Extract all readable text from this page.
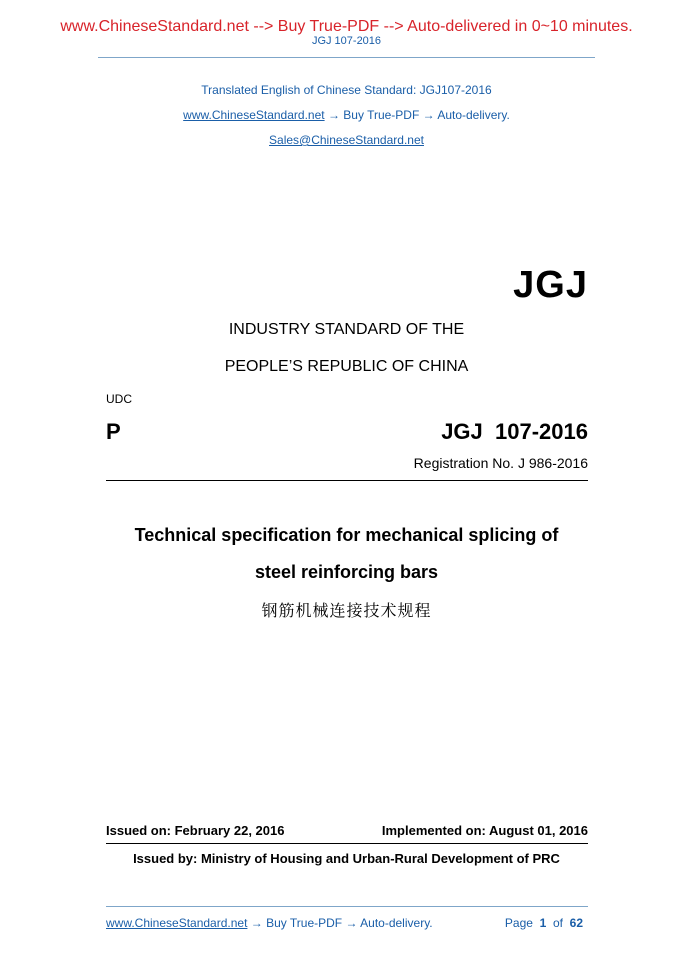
www.ChineseStandard.net --> Buy True-PDF --> Auto-delivered in 0~10 minutes.
JGJ 107-2016
Translated English of Chinese Standard: JGJ107-2016
www.ChineseStandard.net → Buy True-PDF → Auto-delivery.
Sales@ChineseStandard.net
JGJ
INDUSTRY STANDARD OF THE
PEOPLE’S REPUBLIC OF CHINA
UDC
P	JGJ 107-2016
Registration No. J 986-2016
Technical specification for mechanical splicing of
steel reinforcing bars
钢筋机械连接技术规程
Issued on: February 22, 2016	Implemented on: August 01, 2016
Issued by: Ministry of Housing and Urban-Rural Development of PRC
www.ChineseStandard.net → Buy True-PDF → Auto-delivery.	Page 1 of 62
